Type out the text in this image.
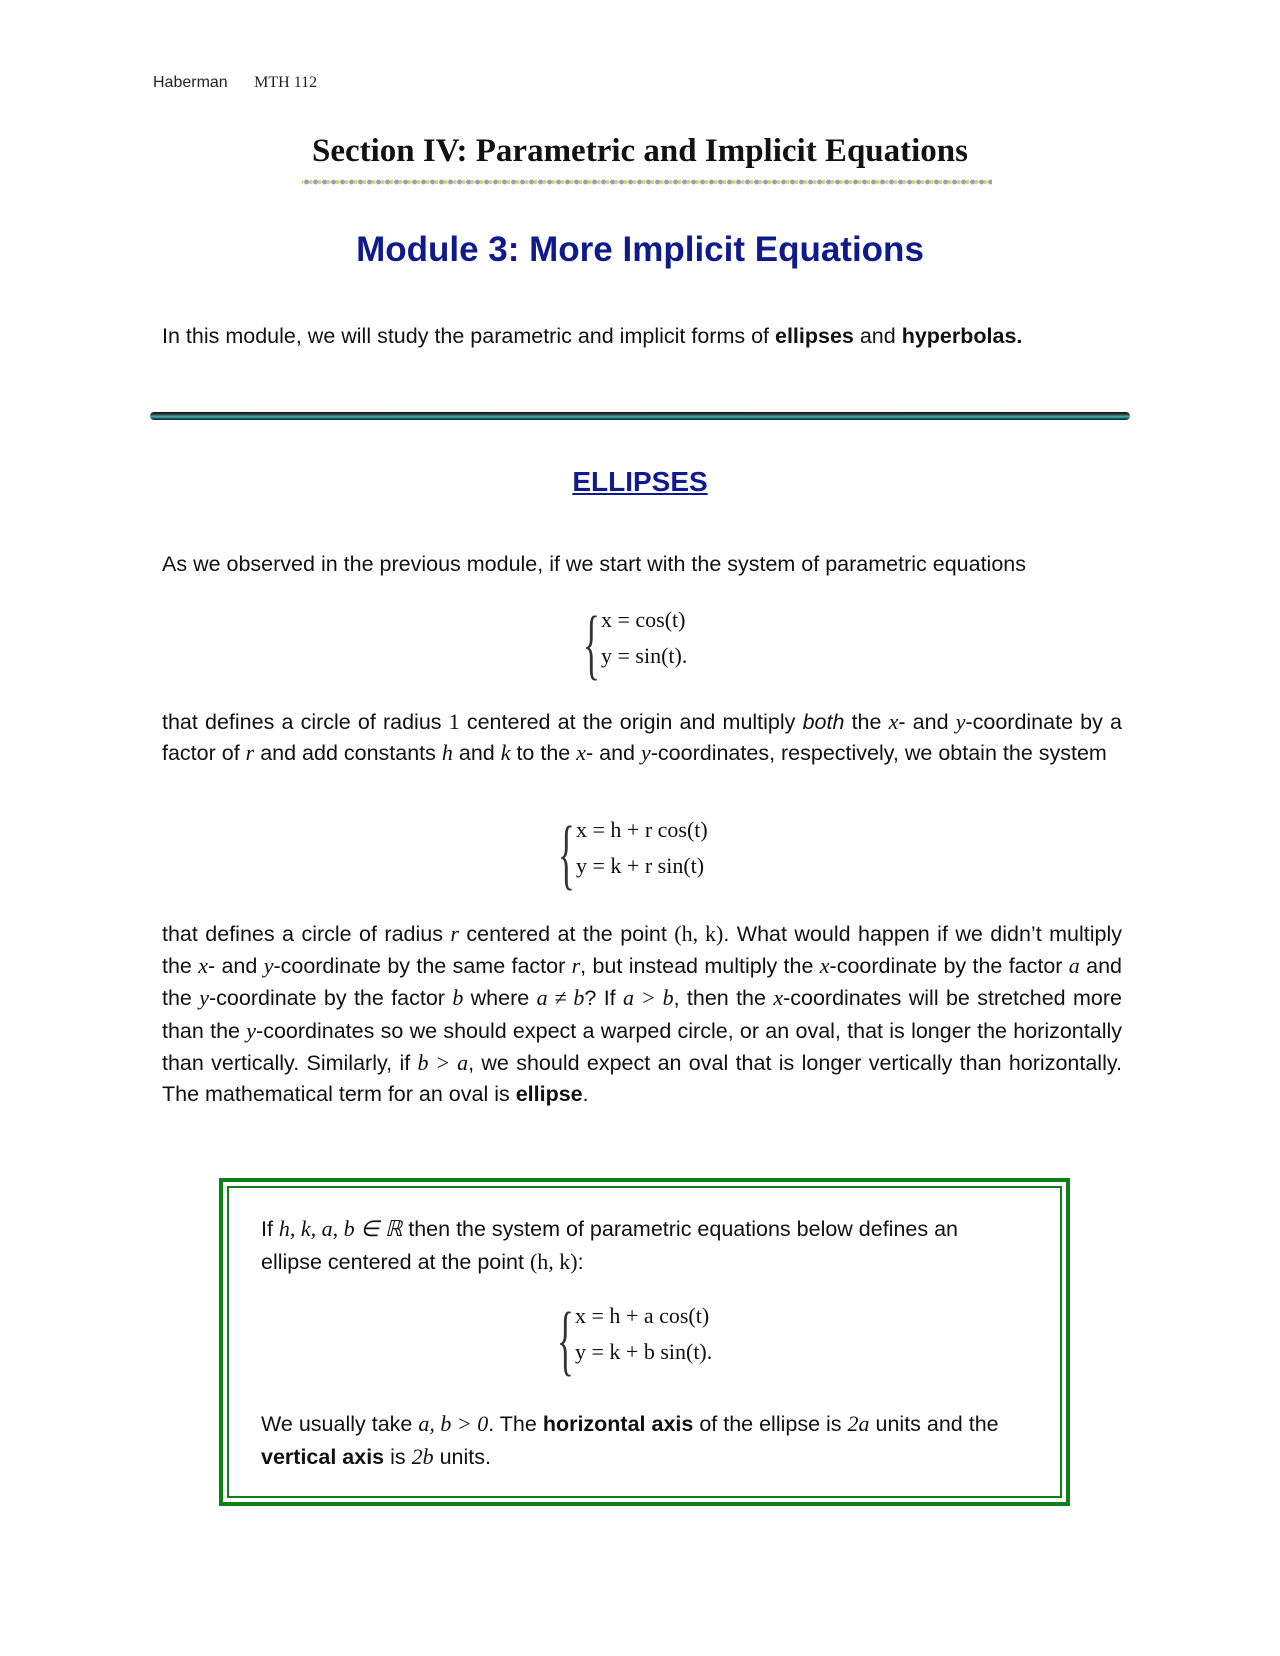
Haberman MTH 112
Section IV: Parametric and Implicit Equations
Module 3: More Implicit Equations
In this module, we will study the parametric and implicit forms of ellipses and hyperbolas.
ELLIPSES
As we observed in the previous module, if we start with the system of parametric equations
{ x = cos(t)
y = sin(t).
that defines a circle of radius 1 centered at the origin and multiply both the x- and y-coordinate by a factor of r and add constants h and k to the x- and y-coordinates, respectively, we obtain the system
{ x = h + r cos(t)
y = k + r sin(t)
that defines a circle of radius r centered at the point (h, k). What would happen if we didn’t multiply the x- and y-coordinate by the same factor r, but instead multiply the x-coordinate by the factor a and the y-coordinate by the factor b where a ≠ b? If a > b, then the x-coordinates will be stretched more than the y-coordinates so we should expect a warped circle, or an oval, that is longer the horizontally than vertically. Similarly, if b > a, we should expect an oval that is longer vertically than horizontally. The mathematical term for an oval is ellipse.
If h, k, a, b ∈ ℝ then the system of parametric equations below defines an ellipse centered at the point (h, k):
{ x = h + a cos(t)
y = k + b sin(t).
We usually take a, b > 0. The horizontal axis of the ellipse is 2a units and the vertical axis is 2b units.
